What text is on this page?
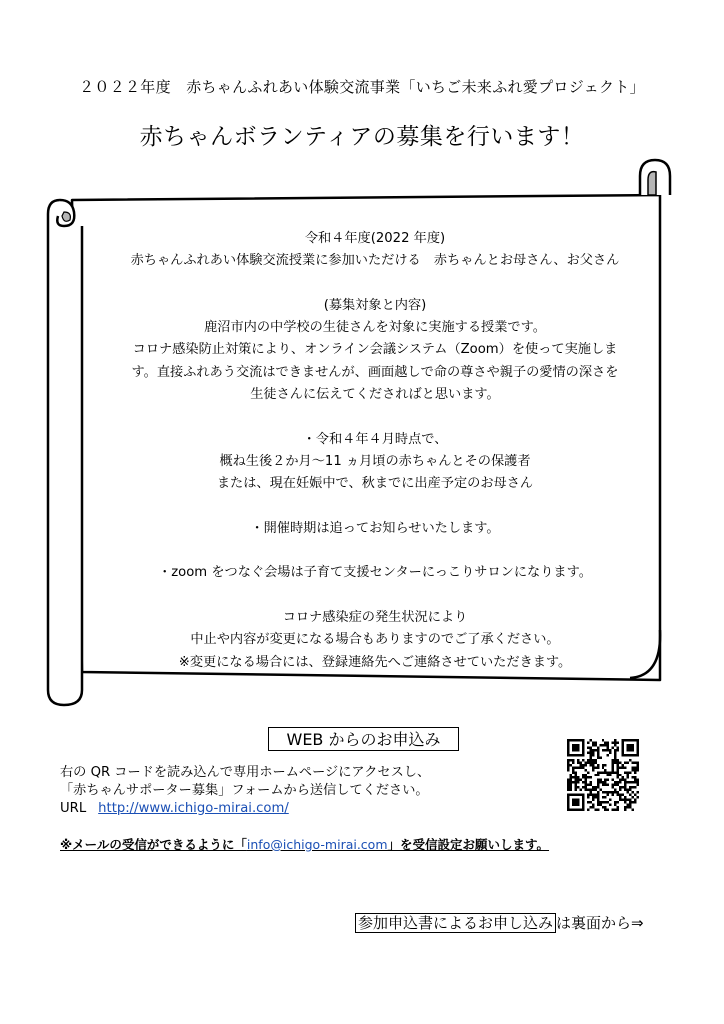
２０２２年度　赤ちゃんふれあい体験交流事業「いちご未来ふれ愛プロジェクト」
赤ちゃんボランティアの募集を行います！
令和４年度(2022 年度)
赤ちゃんふれあい体験交流授業に参加いただける　赤ちゃんとお母さん、お父さん
(募集対象と内容)
鹿沼市内の中学校の生徒さんを対象に実施する授業です。
コロナ感染防止対策により、オンライン会議システム（Zoom）を使って実施しま
す。直接ふれあう交流はできませんが、画面越しで命の尊さや親子の愛情の深さを
生徒さんに伝えてくださればと思います。
・令和４年４月時点で、
概ね生後２か月～11 ヵ月頃の赤ちゃんとその保護者
または、現在妊娠中で、秋までに出産予定のお母さん
・開催時期は追ってお知らせいたします。
・zoom をつなぐ会場は子育て支援センターにっこりサロンになります。
コロナ感染症の発生状況により
中止や内容が変更になる場合もありますのでご了承ください。
※変更になる場合には、登録連絡先へご連絡させていただきます。
WEB からのお申込み
右の QR コードを読み込んで専用ホームページにアクセスし、
「赤ちゃんサポーター募集」フォームから送信してください。
URL http://www.ichigo-mirai.com/
※メールの受信ができるように「info@ichigo-mirai.com」を受信設定お願いします。
参加申込書によるお申し込み は裏面から⇒
